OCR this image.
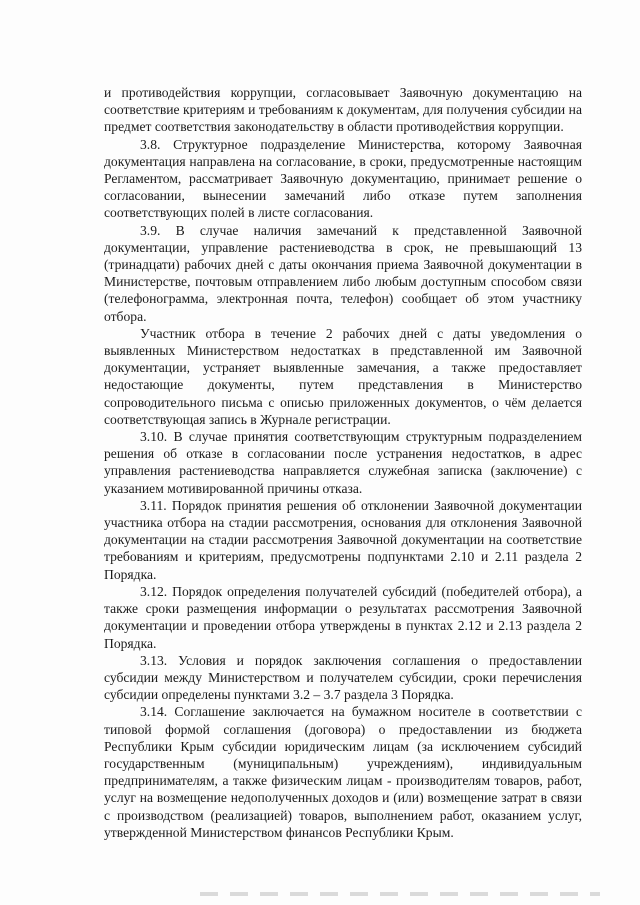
и противодействия коррупции, согласовывает Заявочную документацию на соответствие критериям и требованиям к документам, для получения субсидии на предмет соответствия законодательству в области противодействия коррупции.

3.8. Структурное подразделение Министерства, которому Заявочная документация направлена на согласование, в сроки, предусмотренные настоящим Регламентом, рассматривает Заявочную документацию, принимает решение о согласовании, вынесении замечаний либо отказе путем заполнения соответствующих полей в листе согласования.

3.9. В случае наличия замечаний к представленной Заявочной документации, управление растениеводства в срок, не превышающий 13 (тринадцати) рабочих дней с даты окончания приема Заявочной документации в Министерстве, почтовым отправлением либо любым доступным способом связи (телефонограмма, электронная почта, телефон) сообщает об этом участнику отбора.

Участник отбора в течение 2 рабочих дней с даты уведомления о выявленных Министерством недостатках в представленной им Заявочной документации, устраняет выявленные замечания, а также предоставляет недостающие документы, путем представления в Министерство сопроводительного письма с описью приложенных документов, о чём делается соответствующая запись в Журнале регистрации.

3.10. В случае принятия соответствующим структурным подразделением решения об отказе в согласовании после устранения недостатков, в адрес управления растениеводства направляется служебная записка (заключение) с указанием мотивированной причины отказа.

3.11. Порядок принятия решения об отклонении Заявочной документации участника отбора на стадии рассмотрения, основания для отклонения Заявочной документации на стадии рассмотрения Заявочной документации на соответствие требованиям и критериям, предусмотрены подпунктами 2.10 и 2.11 раздела 2 Порядка.

3.12. Порядок определения получателей субсидий (победителей отбора), а также сроки размещения информации о результатах рассмотрения Заявочной документации и проведении отбора утверждены в пунктах 2.12 и 2.13 раздела 2 Порядка.

3.13. Условия и порядок заключения соглашения о предоставлении субсидии между Министерством и получателем субсидии, сроки перечисления субсидии определены пунктами 3.2 – 3.7 раздела 3 Порядка.

3.14. Соглашение заключается на бумажном носителе в соответствии с типовой формой соглашения (договора) о предоставлении из бюджета Республики Крым субсидии юридическим лицам (за исключением субсидий государственным (муниципальным) учреждениям), индивидуальным предпринимателям, а также физическим лицам - производителям товаров, работ, услуг на возмещение недополученных доходов и (или) возмещение затрат в связи с производством (реализацией) товаров, выполнением работ, оказанием услуг, утвержденной Министерством финансов Республики Крым.
